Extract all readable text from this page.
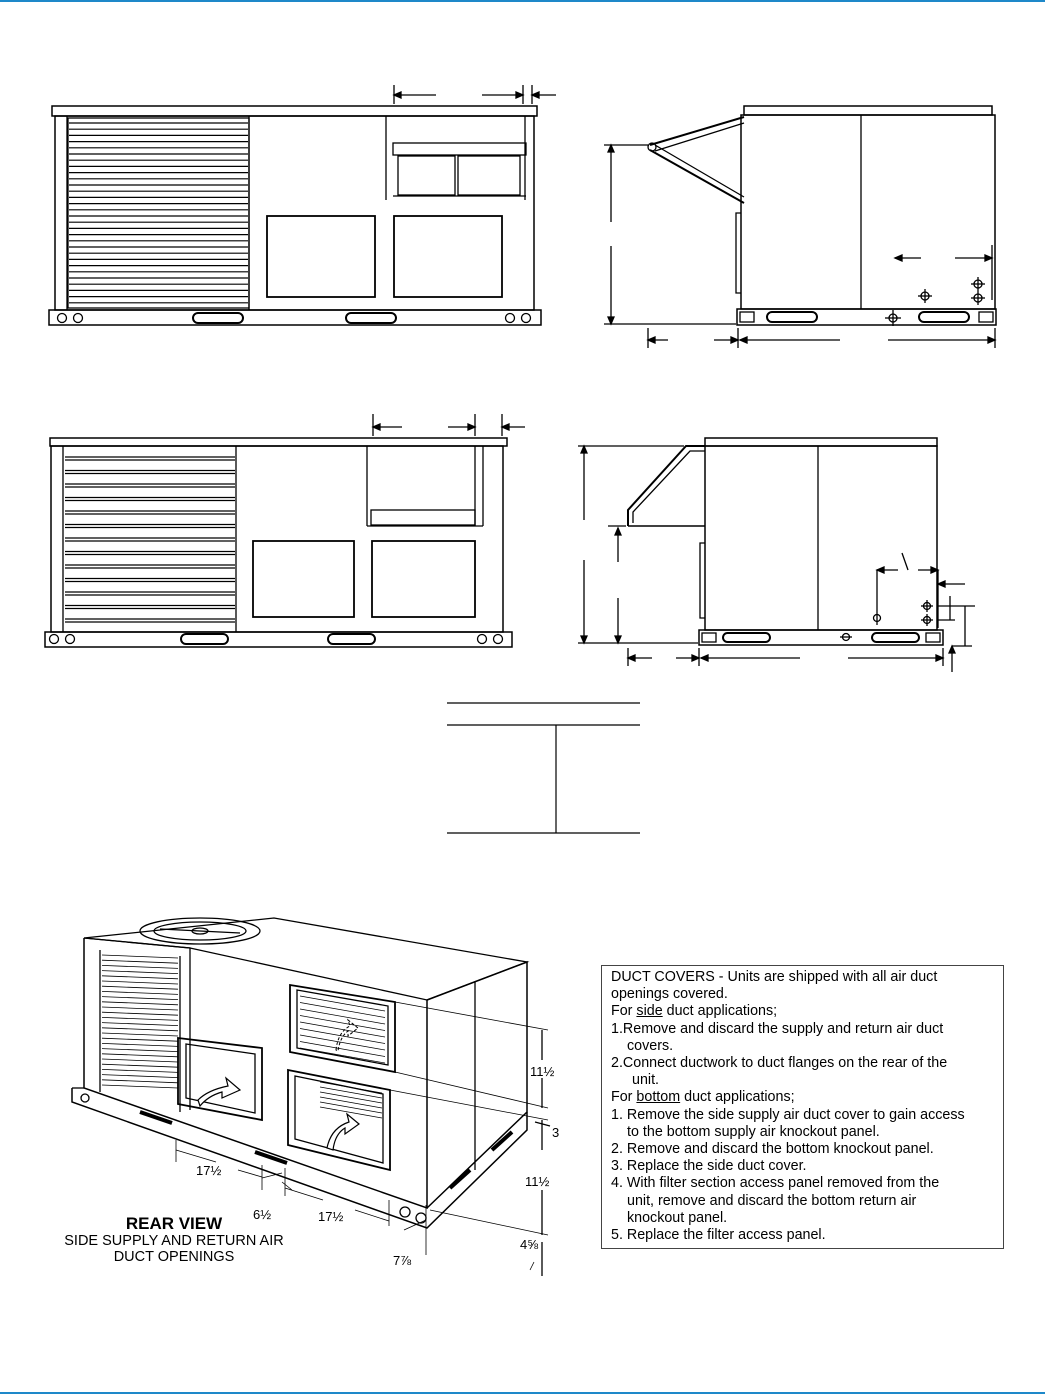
11½
3
11½
17½
6½	17½
4⅝
7⅞
REAR VIEW
SIDE SUPPLY AND RETURN AIR
DUCT OPENINGS

DUCT COVERS - Units are shipped with all air duct openings covered.

For side duct applications;

1.Remove and discard the supply and return air duct

covers.

2.Connect ductwork to duct flanges on the rear of the

unit.

For bottom duct applications;

1. Remove the side supply air duct cover to gain access

to the bottom supply air knockout panel.

2. Remove and discard the bottom knockout panel.

3. Replace the side duct cover.

4. With filter section access panel removed from the

unit, remove and discard the bottom return air

knockout panel.

5. Replace the filter access panel.
